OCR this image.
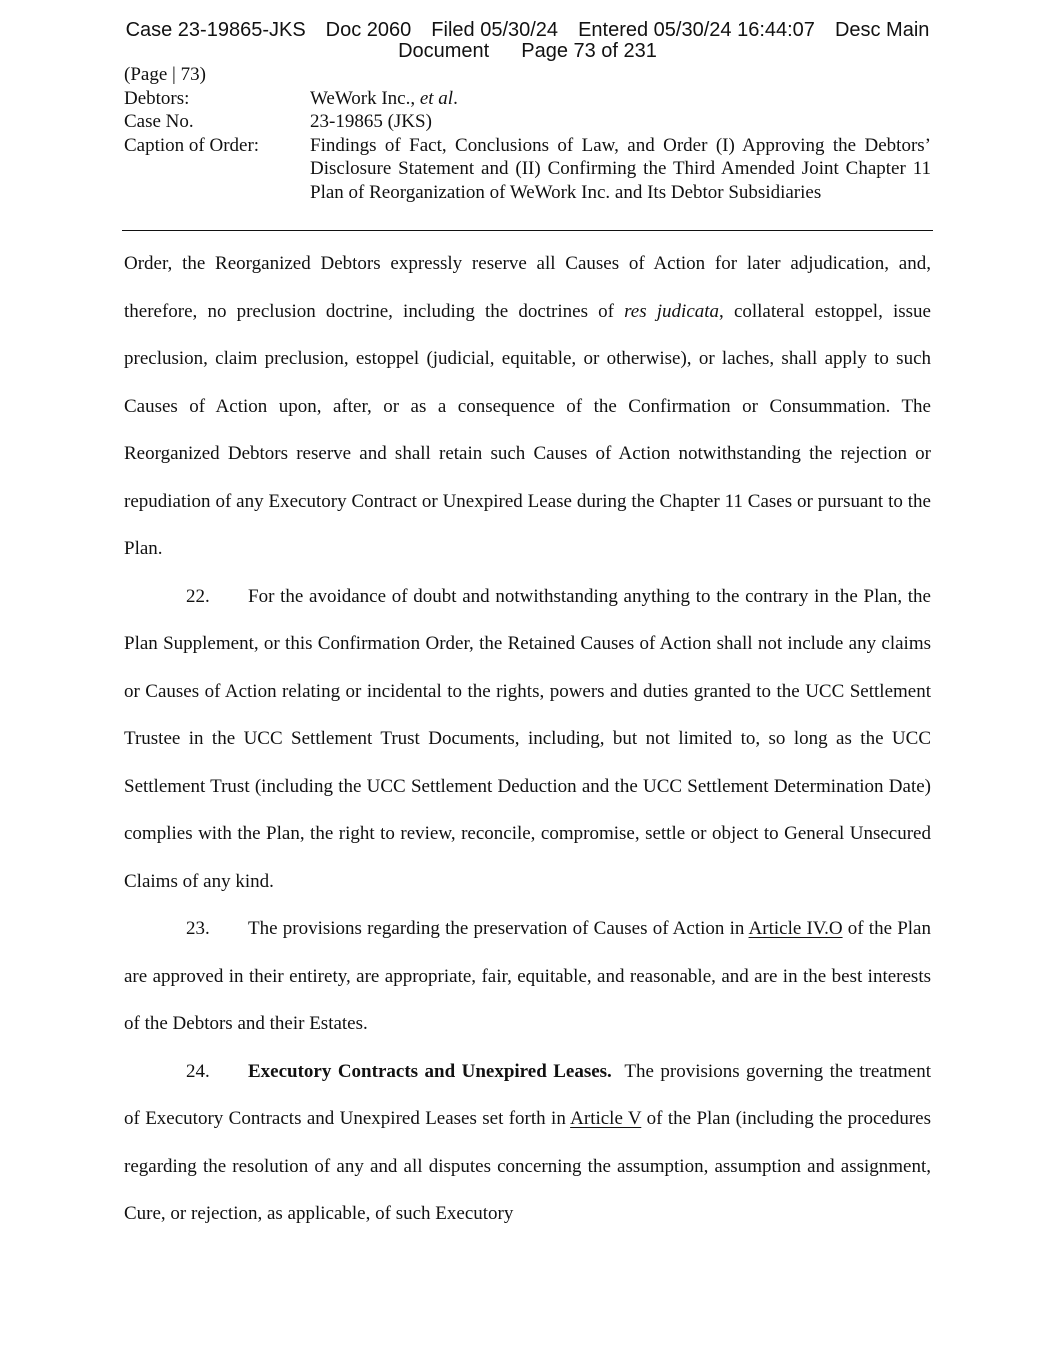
Case 23-19865-JKS Doc 2060 Filed 05/30/24 Entered 05/30/24 16:44:07 Desc Main
Document Page 73 of 231
(Page | 73)
Debtors:	WeWork Inc., et al.
Case No.	23-19865 (JKS)
Caption of Order:	Findings of Fact, Conclusions of Law, and Order (I) Approving the Debtors’ Disclosure Statement and (II) Confirming the Third Amended Joint Chapter 11 Plan of Reorganization of WeWork Inc. and Its Debtor Subsidiaries

Order, the Reorganized Debtors expressly reserve all Causes of Action for later adjudication, and, therefore, no preclusion doctrine, including the doctrines of res judicata, collateral estoppel, issue preclusion, claim preclusion, estoppel (judicial, equitable, or otherwise), or laches, shall apply to such Causes of Action upon, after, or as a consequence of the Confirmation or Consummation. The Reorganized Debtors reserve and shall retain such Causes of Action notwithstanding the rejection or repudiation of any Executory Contract or Unexpired Lease during the Chapter 11 Cases or pursuant to the Plan.

22. For the avoidance of doubt and notwithstanding anything to the contrary in the Plan, the Plan Supplement, or this Confirmation Order, the Retained Causes of Action shall not include any claims or Causes of Action relating or incidental to the rights, powers and duties granted to the UCC Settlement Trustee in the UCC Settlement Trust Documents, including, but not limited to, so long as the UCC Settlement Trust (including the UCC Settlement Deduction and the UCC Settlement Determination Date) complies with the Plan, the right to review, reconcile, compromise, settle or object to General Unsecured Claims of any kind.

23. The provisions regarding the preservation of Causes of Action in Article IV.O of the Plan are approved in their entirety, are appropriate, fair, equitable, and reasonable, and are in the best interests of the Debtors and their Estates.

24. Executory Contracts and Unexpired Leases.  The provisions governing the treatment of Executory Contracts and Unexpired Leases set forth in Article V of the Plan (including the procedures regarding the resolution of any and all disputes concerning the assumption, assumption and assignment, Cure, or rejection, as applicable, of such Executory
